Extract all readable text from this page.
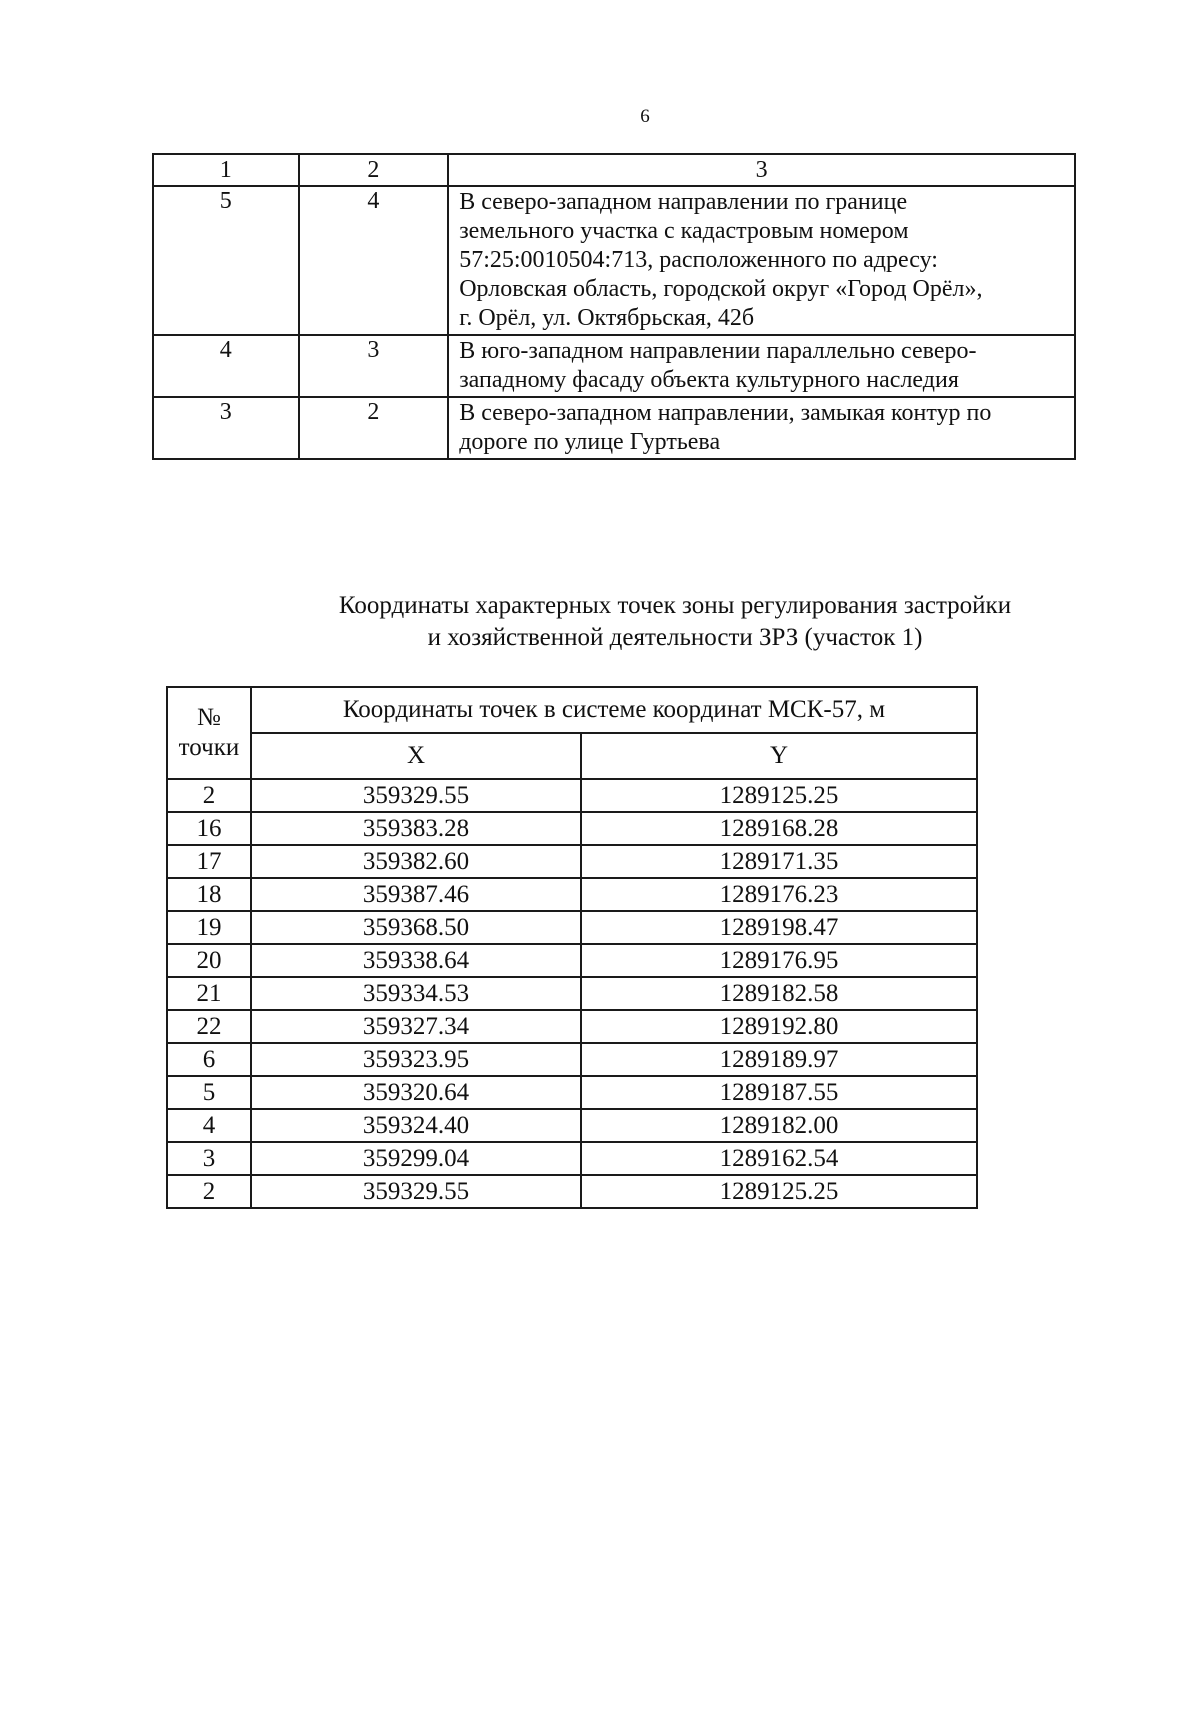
6
1	2	3
5	4	В северо-западном направлении по границе
земельного участка с кадастровым номером
57:25:0010504:713, расположенного по адресу:
Орловская область, городской округ «Город Орёл»,
г. Орёл, ул. Октябрьская, 42б

4	3	В юго-западном направлении параллельно северо-
западному фасаду объекта культурного наследия

3	2	В северо-западном направлении, замыкая контур по
дороге по улице Гуртьева
Координаты характерных точек зоны регулирования застройки
и хозяйственной деятельности ЗРЗ (участок 1)
№
точки	Координаты точек в системе координат МСК-57, м	
	X	Y
2	359329.55	1289125.25
16	359383.28	1289168.28
17	359382.60	1289171.35
18	359387.46	1289176.23
19	359368.50	1289198.47
20	359338.64	1289176.95
21	359334.53	1289182.58
22	359327.34	1289192.80
6	359323.95	1289189.97
5	359320.64	1289187.55
4	359324.40	1289182.00
3	359299.04	1289162.54
2	359329.55	1289125.25
